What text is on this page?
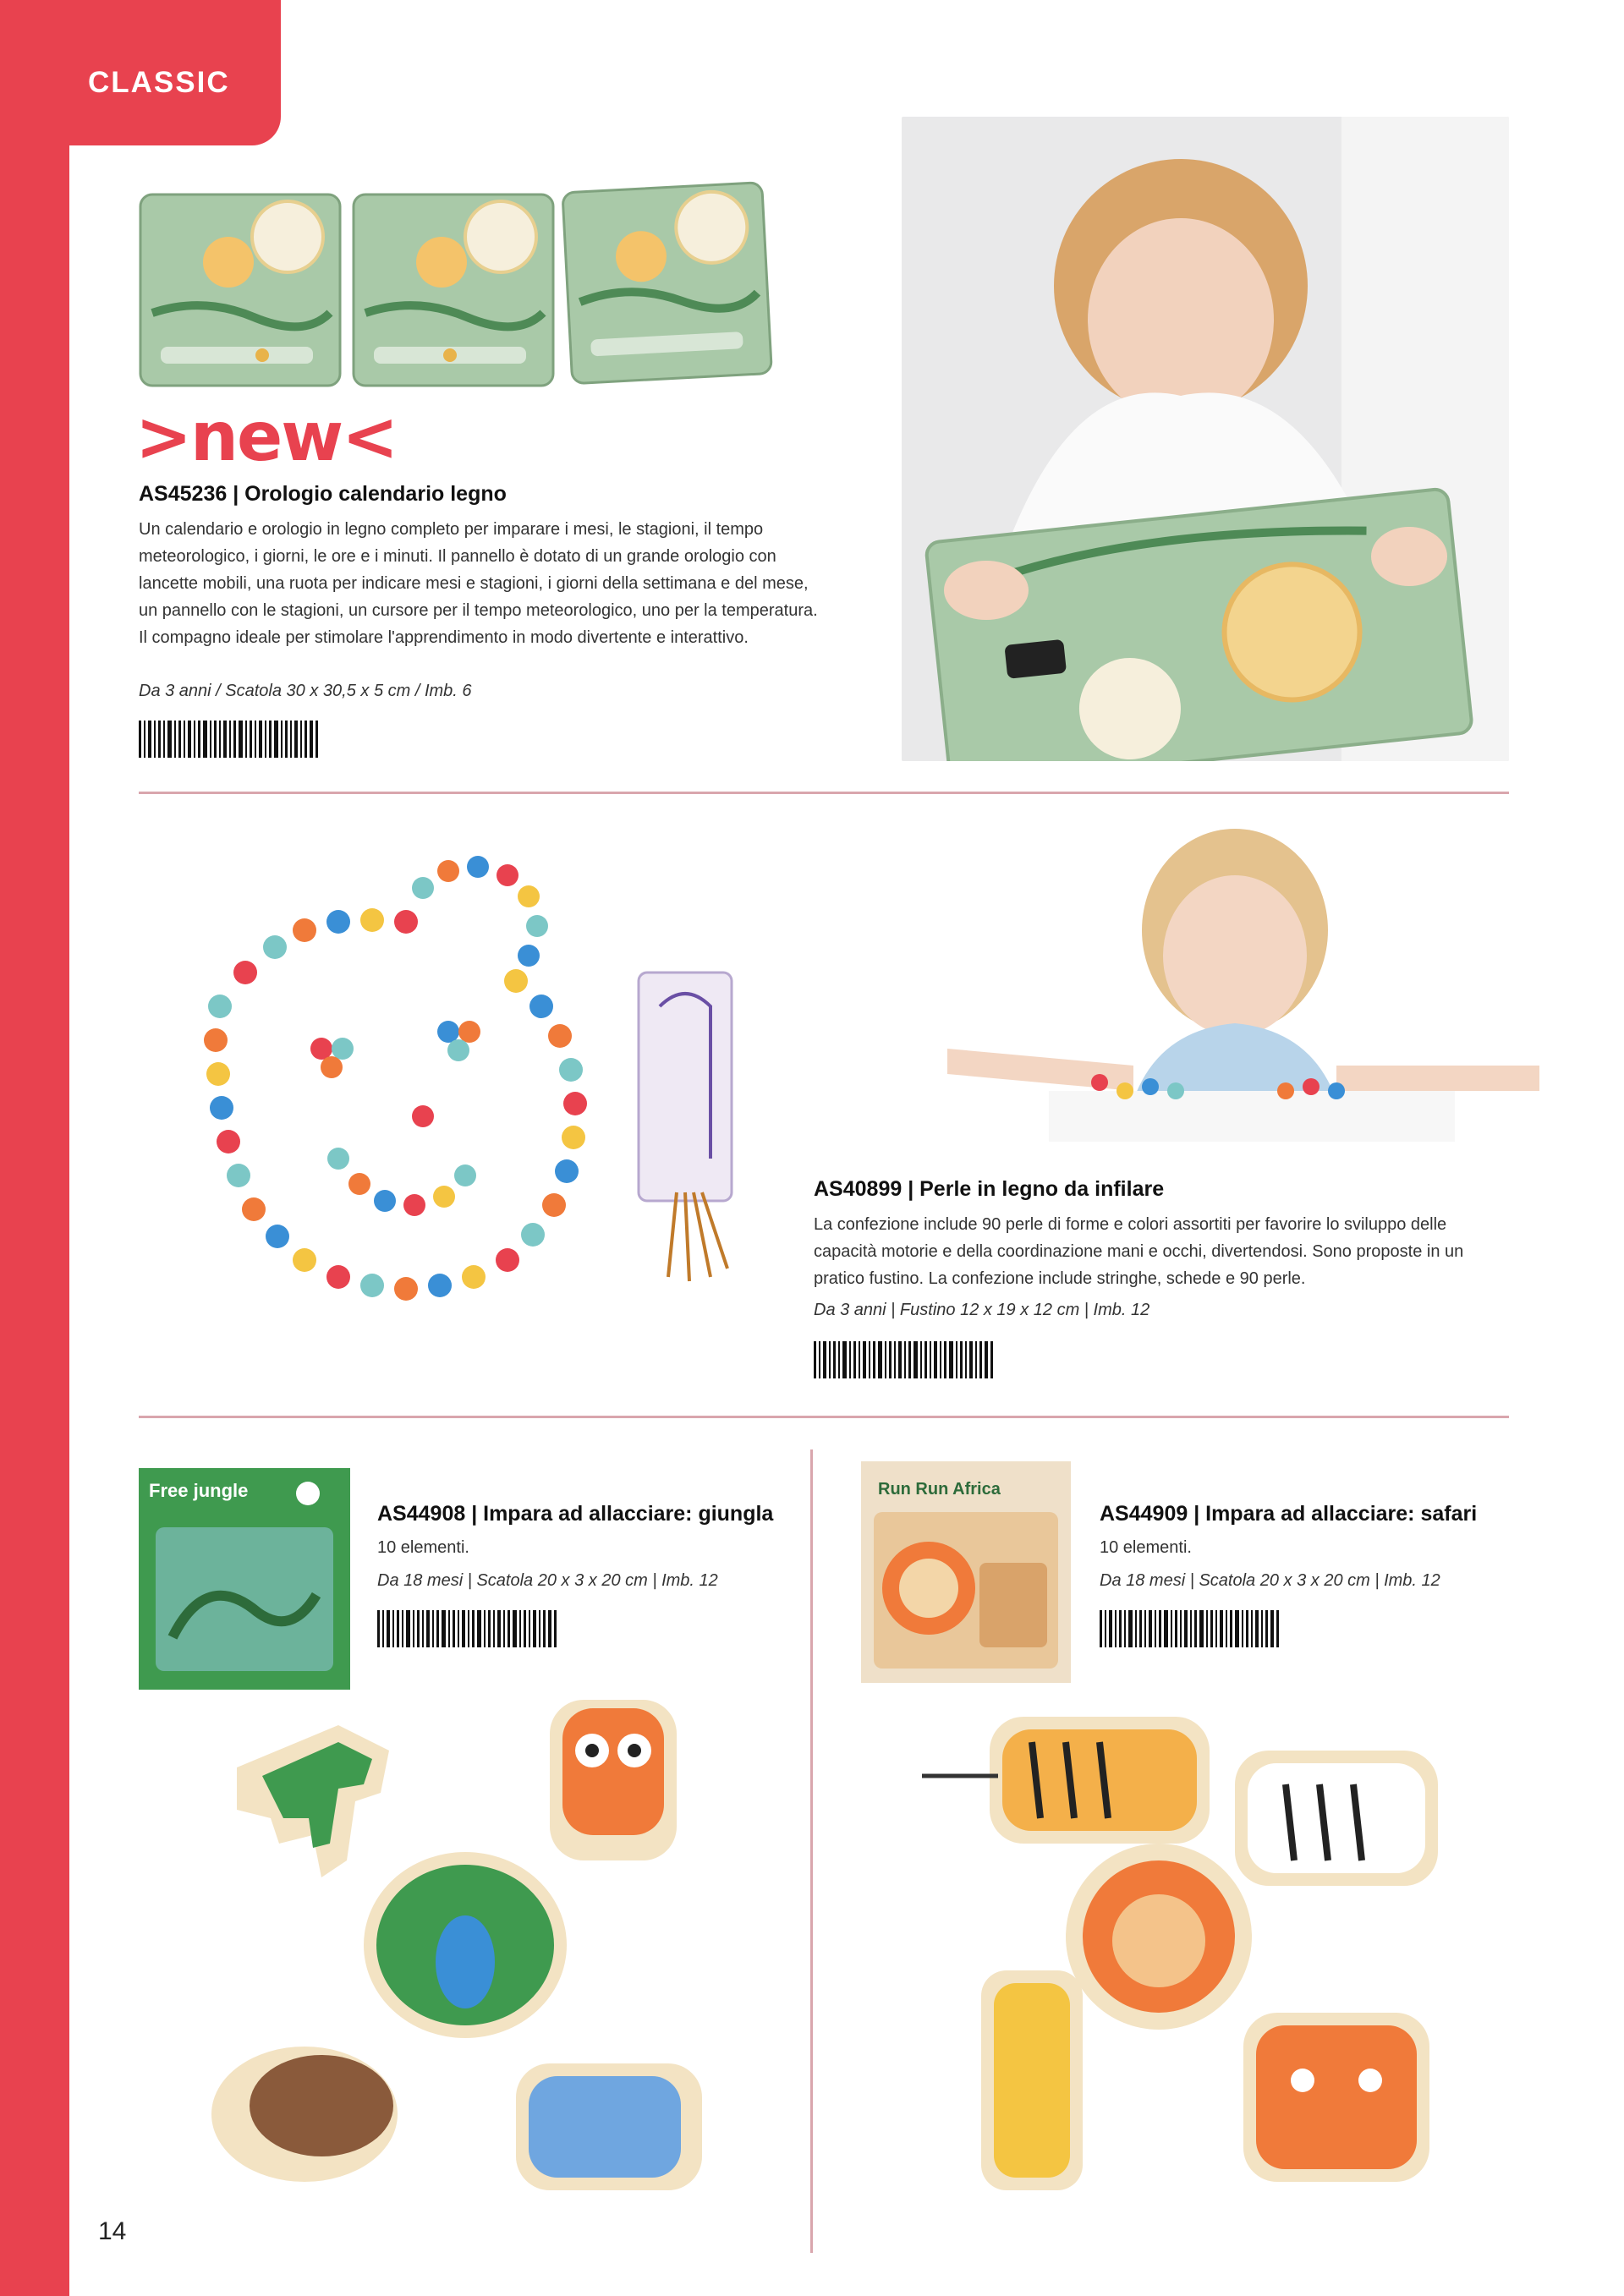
CLASSIC
>new<
AS45236 | Orologio calendario legno
Un calendario e orologio in legno completo per imparare i mesi, le stagioni, il tempo meteorologico, i giorni, le ore e i minuti. Il pannello è dotato di un grande orologio con lancette mobili, una ruota per indicare mesi e stagioni, i giorni della settimana e del mese, un pannello con le stagioni, un cursore per il tempo meteorologico, uno per la temperatura. Il compagno ideale per stimolare l'apprendimento in modo divertente e interattivo.
Da 3 anni / Scatola 30 x 30,5 x 5 cm / Imb. 6
AS40899 | Perle in legno da infilare
La confezione include 90 perle di forme e colori assortiti per favorire lo sviluppo delle capacità motorie e della coordinazione mani e occhi, divertendosi. Sono proposte in un pratico fustino. La confezione include stringhe, schede e 90 perle.
Da 3 anni | Fustino 12 x 19 x 12 cm | Imb. 12
Free jungle
AS44908 | Impara ad allacciare: giungla
10 elementi.
Da 18 mesi | Scatola 20 x 3 x 20 cm | Imb. 12
Run Run Africa
AS44909 | Impara ad allacciare: safari
10 elementi.
Da 18 mesi | Scatola 20 x 3 x 20 cm | Imb. 12
14
